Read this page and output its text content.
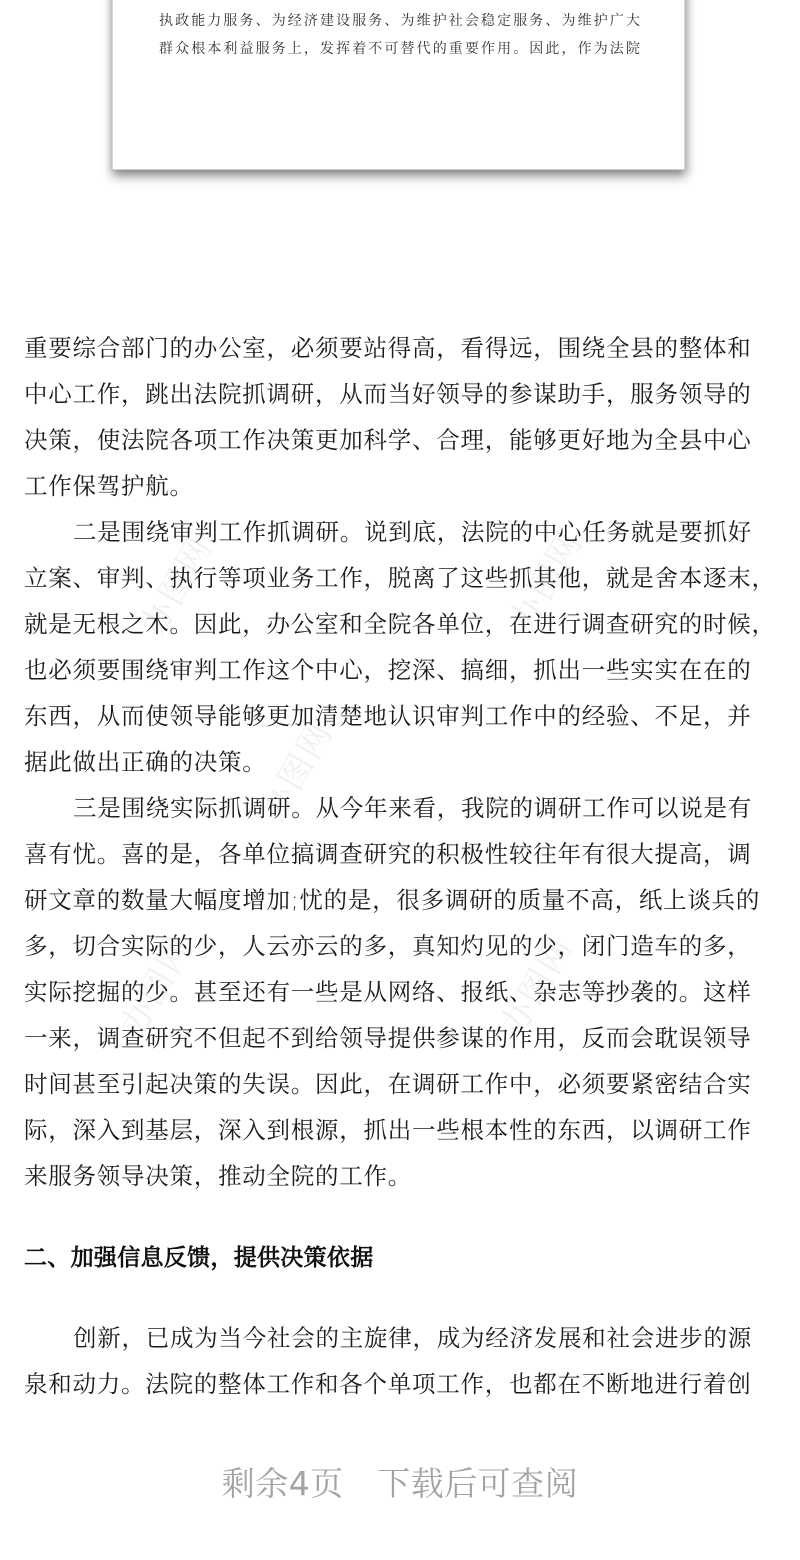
执政能力服务、为经济建设服务、为维护社会稳定服务、为维护广大

群众根本利益服务上，发挥着不可替代的重要作用。因此，作为法院

办图网	办图网
办图网
办图网	办图网

重要综合部门的办公室，必须要站得高，看得远，围绕全县的整体和

中心工作，跳出法院抓调研，从而当好领导的参谋助手，服务领导的

决策，使法院各项工作决策更加科学、合理，能够更好地为全县中心

工作保驾护航。

二是围绕审判工作抓调研。说到底，法院的中心任务就是要抓好

立案、审判、执行等项业务工作，脱离了这些抓其他，就是舍本逐末，

就是无根之木。因此，办公室和全院各单位，在进行调查研究的时候，

也必须要围绕审判工作这个中心，挖深、搞细，抓出一些实实在在的

东西，从而使领导能够更加清楚地认识审判工作中的经验、不足，并

据此做出正确的决策。

三是围绕实际抓调研。从今年来看，我院的调研工作可以说是有

喜有忧。喜的是，各单位搞调查研究的积极性较往年有很大提高，调

研文章的数量大幅度增加;忧的是，很多调研的质量不高，纸上谈兵的

多，切合实际的少，人云亦云的多，真知灼见的少，闭门造车的多，

实际挖掘的少。甚至还有一些是从网络、报纸、杂志等抄袭的。这样

一来，调查研究不但起不到给领导提供参谋的作用，反而会耽误领导

时间甚至引起决策的失误。因此，在调研工作中，必须要紧密结合实

际，深入到基层，深入到根源，抓出一些根本性的东西，以调研工作

来服务领导决策，推动全院的工作。

二、加强信息反馈，提供决策依据

创新，已成为当今社会的主旋律，成为经济发展和社会进步的源

泉和动力。法院的整体工作和各个单项工作，也都在不断地进行着创

剩余4页　下载后可查阅
